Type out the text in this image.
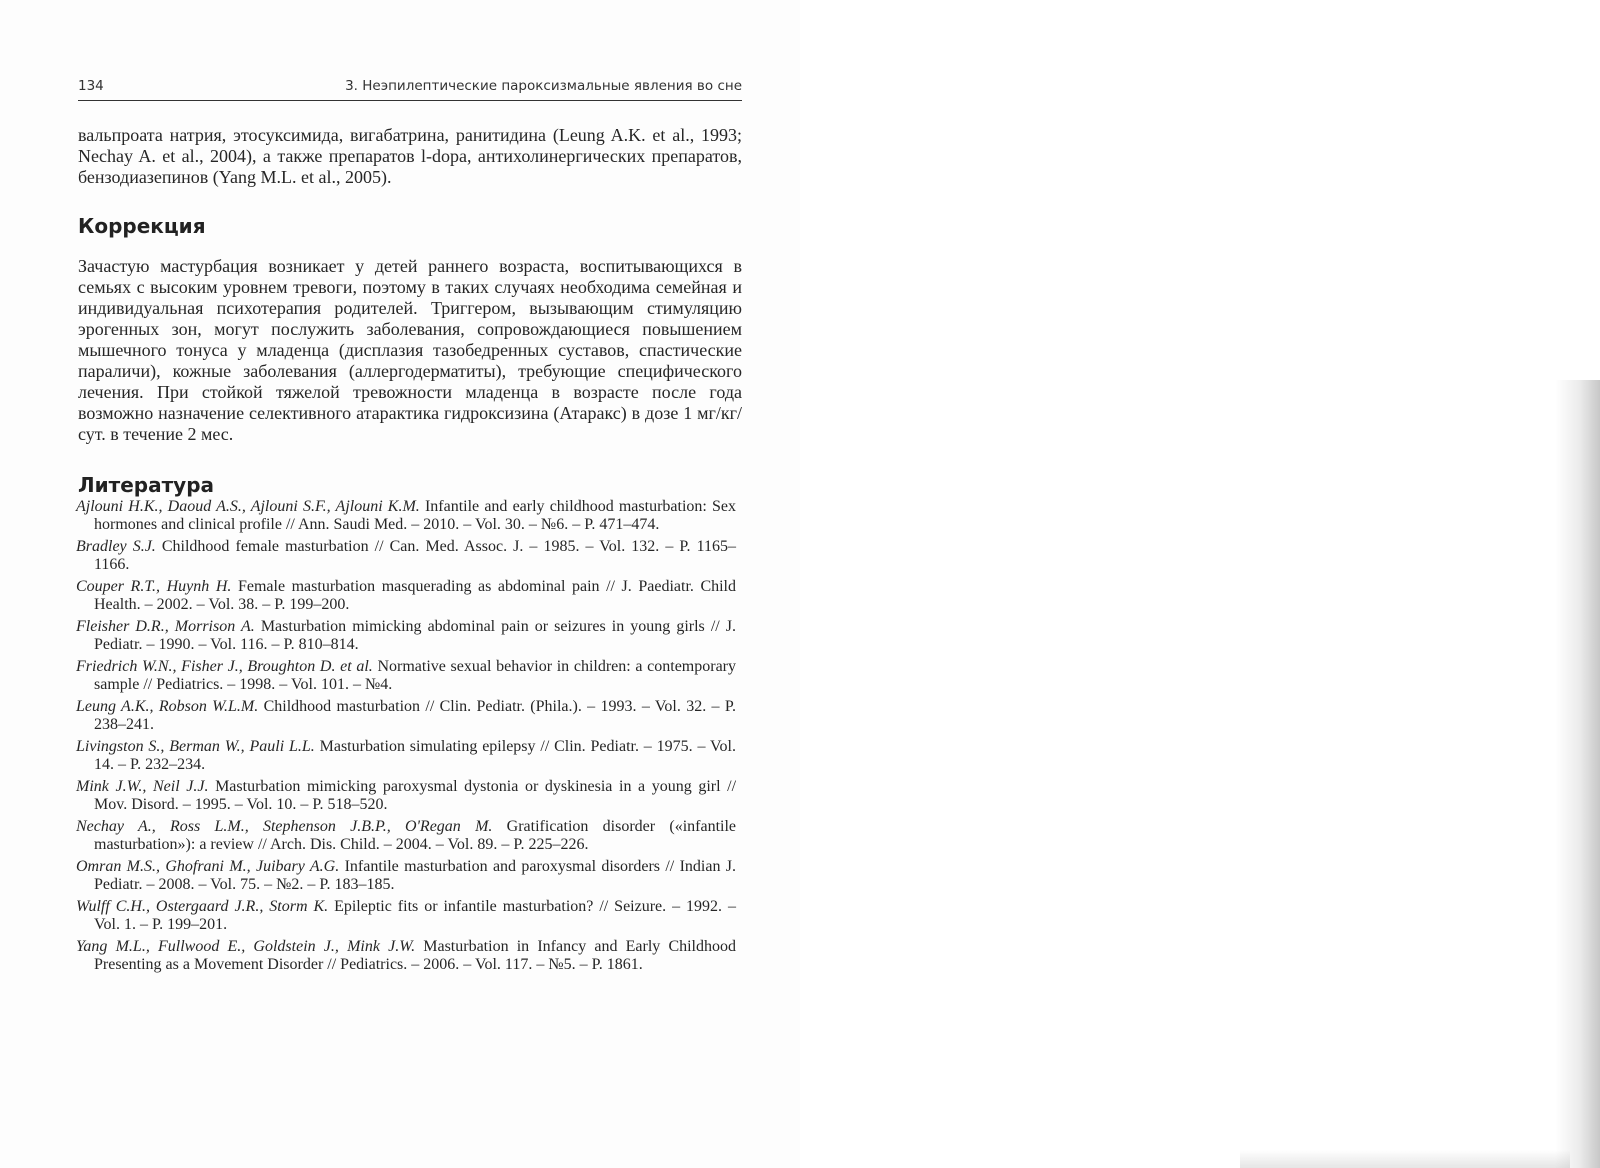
134	3. Неэпилептические пароксизмальные явления во сне

вальпроата натрия, этосуксимида, вигабатрина, ранитидина (Leung A.K. et al., 1993; Nechay A. et al., 2004), а также препаратов l-dopa, антихолинергических препаратов, бензодиазепинов (Yang M.L. et al., 2005).

Коррекция

Зачастую мастурбация возникает у детей раннего возраста, воспитывающихся в семьях с высоким уровнем тревоги, поэтому в таких случаях необходима семейная и индивидуальная психотерапия родителей. Триггером, вызывающим стимуляцию эрогенных зон, могут послужить заболевания, сопровождающиеся повышением мышечного тонуса у младенца (дисплазия тазобедренных суставов, спастические параличи), кожные заболевания (аллергодерматиты), требующие специфического лечения. При стойкой тяжелой тревожности младенца в возрасте после года возможно назначение селективного атарактика гидроксизина (Атаракс) в дозе 1 мг/кг/сут. в течение 2 мес.

Литература
Ajlouni H.K., Daoud A.S., Ajlouni S.F., Ajlouni K.M. Infantile and early childhood masturbation: Sex hormones and clinical profile // Ann. Saudi Med. – 2010. – Vol. 30. – №6. – P. 471–474.
Bradley S.J. Childhood female masturbation // Can. Med. Assoc. J. – 1985. – Vol. 132. – P. 1165–1166.
Couper R.T., Huynh H. Female masturbation masquerading as abdominal pain // J. Paediatr. Child Health. – 2002. – Vol. 38. – P. 199–200.
Fleisher D.R., Morrison A. Masturbation mimicking abdominal pain or seizures in young girls // J. Pediatr. – 1990. – Vol. 116. – P. 810–814.
Friedrich W.N., Fisher J., Broughton D. et al. Normative sexual behavior in children: a contemporary sample // Pediatrics. – 1998. – Vol. 101. – №4.
Leung A.K., Robson W.L.M. Childhood masturbation // Clin. Pediatr. (Phila.). – 1993. – Vol. 32. – P. 238–241.
Livingston S., Berman W., Pauli L.L. Masturbation simulating epilepsy // Clin. Pediatr. – 1975. – Vol. 14. – P. 232–234.
Mink J.W., Neil J.J. Masturbation mimicking paroxysmal dystonia or dyskinesia in a young girl // Mov. Disord. – 1995. – Vol. 10. – P. 518–520.
Nechay A., Ross L.M., Stephenson J.B.P., O'Regan M. Gratification disorder («infantile masturbation»): a review // Arch. Dis. Child. – 2004. – Vol. 89. – P. 225–226.
Omran M.S., Ghofrani M., Juibary A.G. Infantile masturbation and paroxysmal disorders // Indian J. Pediatr. – 2008. – Vol. 75. – №2. – P. 183–185.
Wulff C.H., Ostergaard J.R., Storm K. Epileptic fits or infantile masturbation? // Seizure. – 1992. – Vol. 1. – P. 199–201.
Yang M.L., Fullwood E., Goldstein J., Mink J.W. Masturbation in Infancy and Early Childhood Presenting as a Movement Disorder // Pediatrics. – 2006. – Vol. 117. – №5. – P. 1861.
